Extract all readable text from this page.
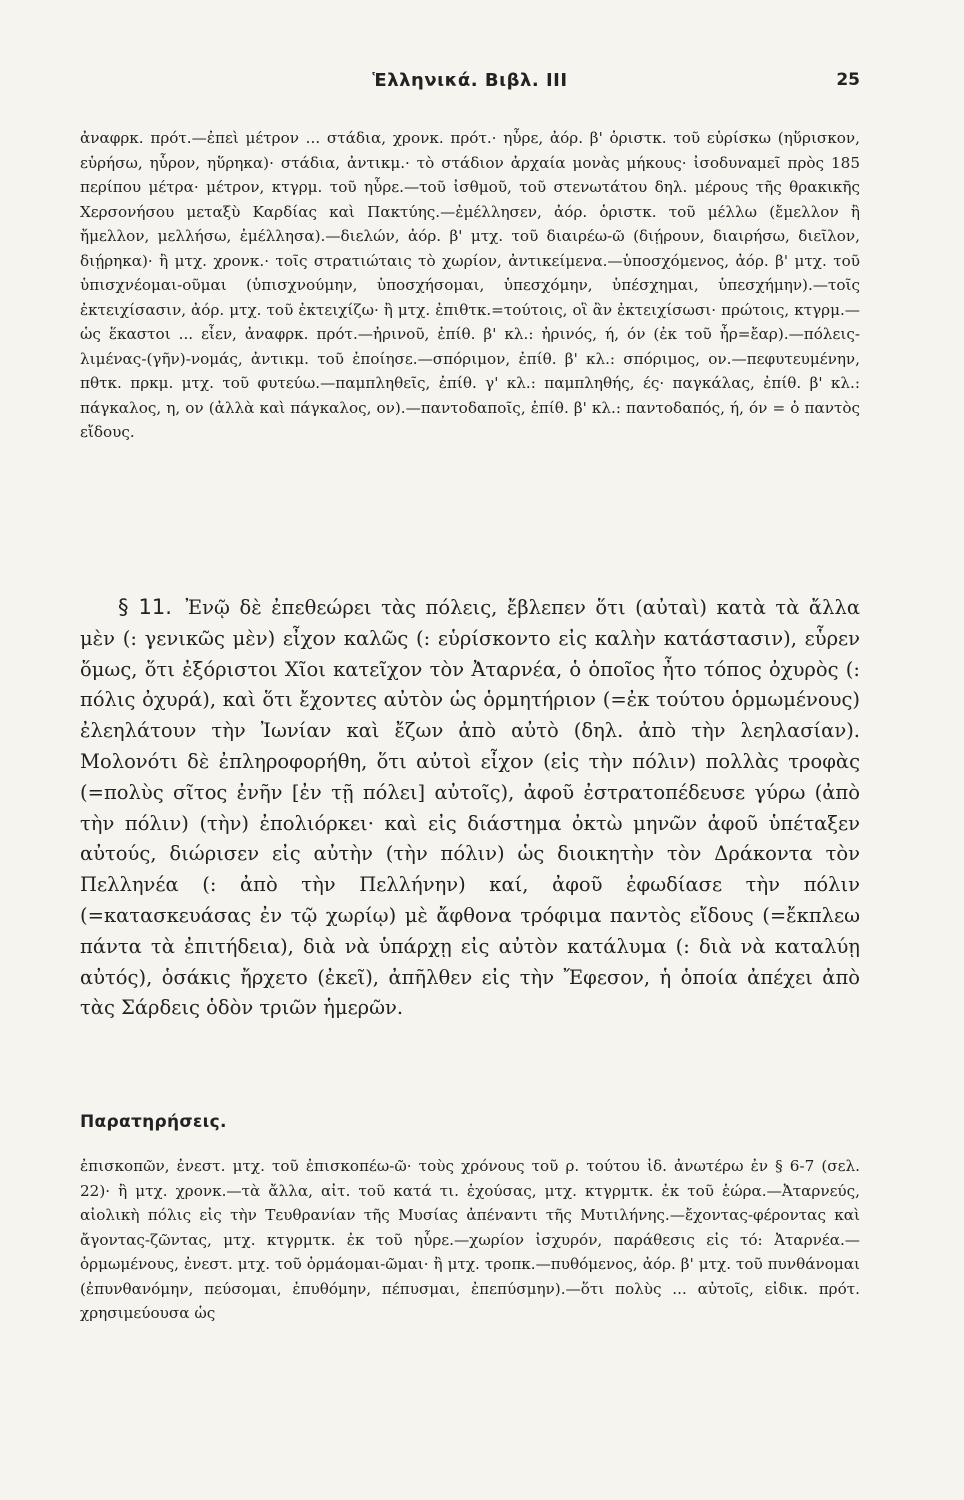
Ἑλληνικά. Βιβλ. III	25
ἀναφρκ. πρότ.—ἐπεὶ μέτρον ... στάδια, χρονκ. πρότ.· ηὗρε, ἀόρ. β' ὁριστκ. τοῦ εὑρίσκω (ηὕρισκον, εὑρήσω, ηὗρον, ηὕρηκα)· στάδια, ἀντικμ.· τὸ στάδιον ἀρχαία μονὰς μήκους· ἰσοδυναμεῖ πρὸς 185 περίπου μέτρα· μέτρον, κτγρμ. τοῦ ηὗρε.—τοῦ ἰσθμοῦ, τοῦ στενωτάτου δηλ. μέρους τῆς θρακικῆς Χερσονήσου μεταξὺ Καρδίας καὶ Πακτύης.—ἐμέλλησεν, ἀόρ. ὁριστκ. τοῦ μέλλω (ἔμελλον ἢ ἤμελλον, μελλήσω, ἐμέλλησα).—διελών, ἀόρ. β' μτχ. τοῦ διαιρέω-ῶ (διῄρουν, διαιρήσω, διεῖλον, διῄρηκα)· ἢ μτχ. χρονκ.· τοῖς στρατιώταις τὸ χωρίον, ἀντικείμενα.—ὑποσχόμενος, ἀόρ. β' μτχ. τοῦ ὑπισχνέομαι-οῦμαι (ὑπισχνούμην, ὑποσχήσομαι, ὑπεσχόμην, ὑπέσχημαι, ὑπεσχήμην).—τοῖς ἐκτειχίσασιν, ἀόρ. μτχ. τοῦ ἐκτειχίζω· ἢ μτχ. ἐπιθτκ.=τούτοις, οἳ ἂν ἐκτειχίσωσι· πρώτοις, κτγρμ.—ὡς ἕκαστοι ... εἶεν, ἀναφρκ. πρότ.—ἠρινοῦ, ἐπίθ. β' κλ.: ἠρινός, ή, όν (ἐκ τοῦ ἦρ=ἔαρ).—πόλεις-λιμένας-(γῆν)-νομάς, ἀντικμ. τοῦ ἐποίησε.—σπόριμον, ἐπίθ. β' κλ.: σπόριμος, ον.—πεφυτευμένην, πθτκ. πρκμ. μτχ. τοῦ φυτεύω.—παμπληθεῖς, ἐπίθ. γ' κλ.: παμπληθής, ές· παγκάλας, ἐπίθ. β' κλ.: πάγκαλος, η, ον (ἀλλὰ καὶ πάγκαλος, ον).—παντοδαποῖς, ἐπίθ. β' κλ.: παντοδαπός, ή, όν = ὁ παντὸς εἴδους.
§ 11. Ἐνῷ δὲ ἐπεθεώρει τὰς πόλεις, ἔβλεπεν ὅτι (αὐταὶ) κατὰ τὰ ἄλλα μὲν (: γενικῶς μὲν) εἶχον καλῶς (: εὑρίσκοντο εἰς καλὴν κατάστασιν), εὗρεν ὅμως, ὅτι ἐξόριστοι Χῖοι κατεῖχον τὸν Ἀταρνέα, ὁ ὁποῖος ἦτο τόπος ὀχυρὸς (: πόλις ὀχυρά), καὶ ὅτι ἔχοντες αὐτὸν ὡς ὁρμητήριον (=ἐκ τούτου ὁρμωμένους) ἐλεηλάτουν τὴν Ἰωνίαν καὶ ἔζων ἀπὸ αὐτὸ (δηλ. ἀπὸ τὴν λεηλασίαν). Μολονότι δὲ ἐπληροφορήθη, ὅτι αὐτοὶ εἶχον (εἰς τὴν πόλιν) πολλὰς τροφὰς (=πολὺς σῖτος ἐνῆν [ἐν τῇ πόλει] αὐτοῖς), ἀφοῦ ἐστρατοπέδευσε γύρω (ἀπὸ τὴν πόλιν) (τὴν) ἐπολιόρκει· καὶ εἰς διάστημα ὀκτὼ μηνῶν ἀφοῦ ὑπέταξεν αὐτούς, διώρισεν εἰς αὐτὴν (τὴν πόλιν) ὡς διοικητὴν τὸν Δράκοντα τὸν Πελληνέα (: ἀπὸ τὴν Πελλήνην) καί, ἀφοῦ ἐφωδίασε τὴν πόλιν (=κατασκευάσας ἐν τῷ χωρίῳ) μὲ ἄφθονα τρόφιμα παντὸς εἴδους (=ἔκπλεω πάντα τὰ ἐπιτήδεια), διὰ νὰ ὑπάρχῃ εἰς αὐτὸν κατάλυμα (: διὰ νὰ καταλύῃ αὐτός), ὁσάκις ἤρχετο (ἐκεῖ), ἀπῆλθεν εἰς τὴν Ἔφεσον, ἡ ὁποία ἀπέχει ἀπὸ τὰς Σάρδεις ὁδὸν τριῶν ἡμερῶν.
Παρατηρήσεις.
ἐπισκοπῶν, ἐνεστ. μτχ. τοῦ ἐπισκοπέω-ῶ· τοὺς χρόνους τοῦ ρ. τούτου ἰδ. ἀνωτέρω ἐν § 6-7 (σελ. 22)· ἢ μτχ. χρονκ.—τὰ ἄλλα, αἰτ. τοῦ κατά τι. ἐχούσας, μτχ. κτγρμτκ. ἐκ τοῦ ἑώρα.—Ἀταρνεύς, αἰολικὴ πόλις εἰς τὴν Τευθρανίαν τῆς Μυσίας ἀπέναντι τῆς Μυτιλήνης.—ἔχοντας-φέροντας καὶ ἄγοντας-ζῶντας, μτχ. κτγρμτκ. ἐκ τοῦ ηὗρε.—χωρίον ἰσχυρόν, παράθεσις εἰς τό: Ἀταρνέα.—ὁρμωμένους, ἐνεστ. μτχ. τοῦ ὁρμάομαι-ῶμαι· ἢ μτχ. τροπκ.—πυθόμενος, ἀόρ. β' μτχ. τοῦ πυνθάνομαι (ἐπυνθανόμην, πεύσομαι, ἐπυθόμην, πέπυσμαι, ἐπεπύσμην).—ὅτι πολὺς ... αὐτοῖς, εἰδικ. πρότ. χρησιμεύουσα ὡς
